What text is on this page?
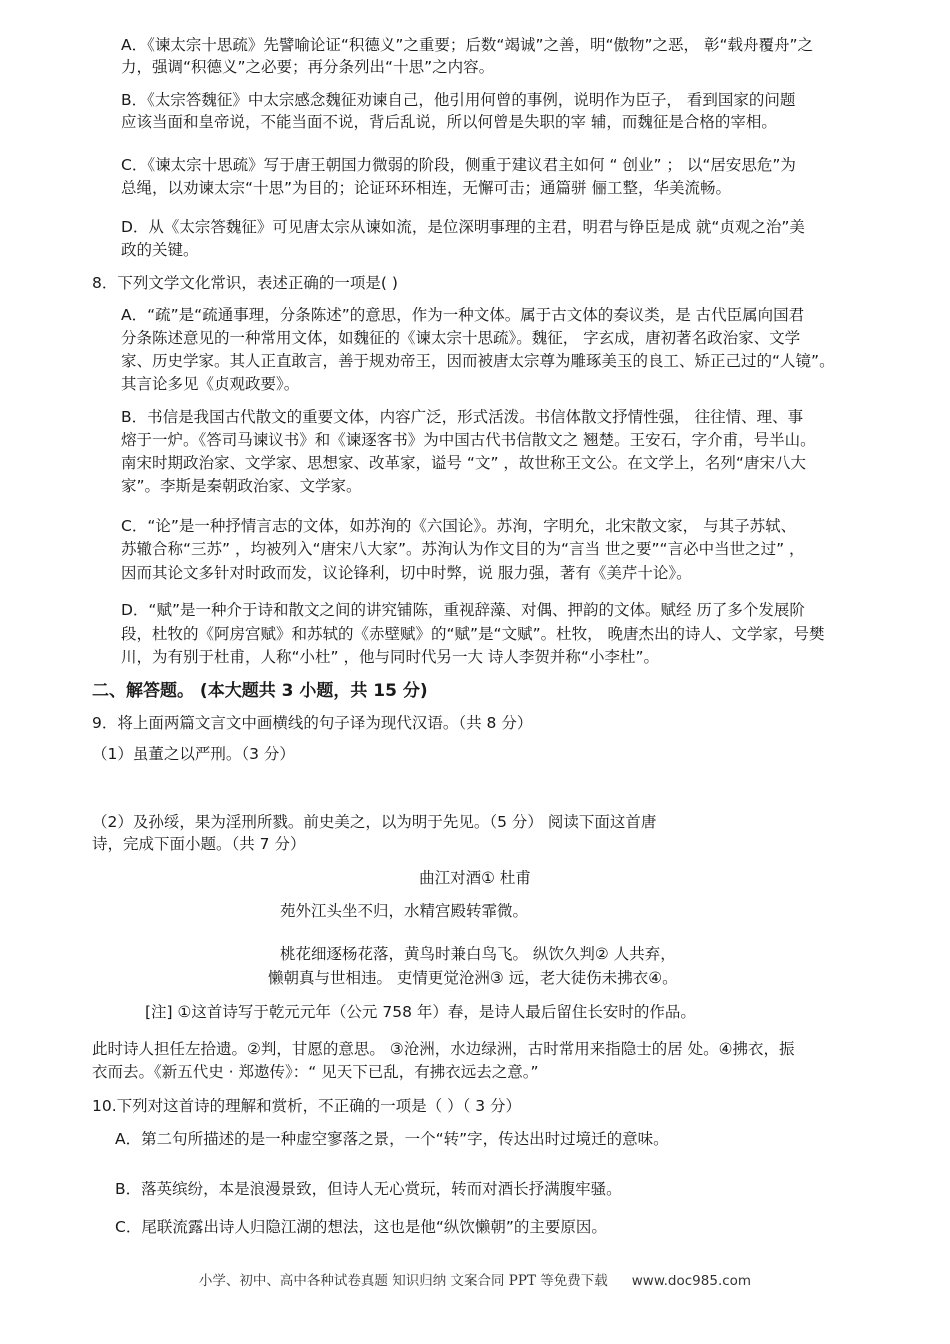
A．《谏太宗十思疏》先譬喻论证“积德义”之重要；后数“竭诚”之善，明“傲物”之恶， 彰“载舟覆舟”之

力，强调“积德义”之必要；再分条列出“十思”之内容。

B．《太宗答魏征》中太宗感念魏征劝谏自己，他引用何曾的事例，说明作为臣子， 看到国家的问题

应该当面和皇帝说，不能当面不说，背后乱说，所以何曾是失职的宰 辅，而魏征是合格的宰相。

C．《谏太宗十思疏》写于唐王朝国力微弱的阶段，侧重于建议君主如何 “ 创业” ； 以“居安思危”为

总绳，以劝谏太宗“十思”为目的；论证环环相连，无懈可击；通篇骈 俪工整，华美流畅。

D．从《太宗答魏征》可见唐太宗从谏如流，是位深明事理的主君，明君与铮臣是成 就“贞观之治”美

政的关键。

8．下列文学文化常识，表述正确的一项是( )

A．“疏”是“疏通事理，分条陈述”的意思，作为一种文体。属于古文体的奏议类，是 古代臣属向国君

分条陈述意见的一种常用文体，如魏征的《谏太宗十思疏》。魏征， 字玄成，唐初著名政治家、文学

家、历史学家。其人正直敢言，善于规劝帝王，因而被唐太宗尊为雕琢美玉的良工、矫正己过的“人镜”。

其言论多见《贞观政要》。

B．书信是我国古代散文的重要文体，内容广泛，形式活泼。书信体散文抒情性强， 往往情、理、事

熔于一炉。《答司马谏议书》和《谏逐客书》为中国古代书信散文之 翘楚。王安石，字介甫，号半山。

南宋时期政治家、文学家、思想家、改革家，谥号 “文” ，故世称王文公。在文学上，名列“唐宋八大

家”。李斯是秦朝政治家、文学家。

C．“论”是一种抒情言志的文体，如苏洵的《六国论》。苏洵，字明允，北宋散文家， 与其子苏轼、

苏辙合称“三苏” ，均被列入“唐宋八大家”。苏洵认为作文目的为“言当 世之要”“言必中当世之过” ，

因而其论文多针对时政而发，议论锋利，切中时弊，说 服力强，著有《美芹十论》。

D．“赋”是一种介于诗和散文之间的讲究铺陈，重视辞藻、对偶、押韵的文体。赋经 历了多个发展阶

段，杜牧的《阿房宫赋》和苏轼的《赤壁赋》的“赋”是“文赋”。杜牧， 晚唐杰出的诗人、文学家，号樊

川，为有别于杜甫，人称“小杜” ，他与同时代另一大 诗人李贺并称“小李杜”。

二、解答题。 (本大题共 3 小题，共 15 分)

9．将上面两篇文言文中画横线的句子译为现代汉语。（共 8 分）

（1）虽董之以严刑。（3 分）

（2）及孙绥，果为淫刑所戮。前史美之，以为明于先见。（5 分） 阅读下面这首唐

诗，完成下面小题。（共 7 分）

曲江对酒① 杜甫

苑外江头坐不归，水精宫殿转霏微。

桃花细逐杨花落，黄鸟时兼白鸟飞。 纵饮久判② 人共弃，

懒朝真与世相违。 吏情更觉沧洲③ 远，老大徒伤未拂衣④。

[注] ①这首诗写于乾元元年（公元 758 年）春，是诗人最后留住长安时的作品。

此时诗人担任左拾遗。②判，甘愿的意思。 ③沧洲，水边绿洲，古时常用来指隐士的居 处。④拂衣，振

衣而去。《新五代史 · 郑遨传》：“ 见天下已乱，有拂衣远去之意。”

10.下列对这首诗的理解和赏析，不正确的一项是（ ）（ 3 分）

A．第二句所描述的是一种虚空寥落之景，一个“转”字，传达出时过境迁的意味。

B．落英缤纷，本是浪漫景致，但诗人无心赏玩，转而对酒长抒满腹牢骚。

C．尾联流露出诗人归隐江湖的想法，这也是他“纵饮懒朝”的主要原因。

小学、初中、高中各种试卷真题 知识归纳 文案合同 PPT 等免费下载 www.doc985.com
